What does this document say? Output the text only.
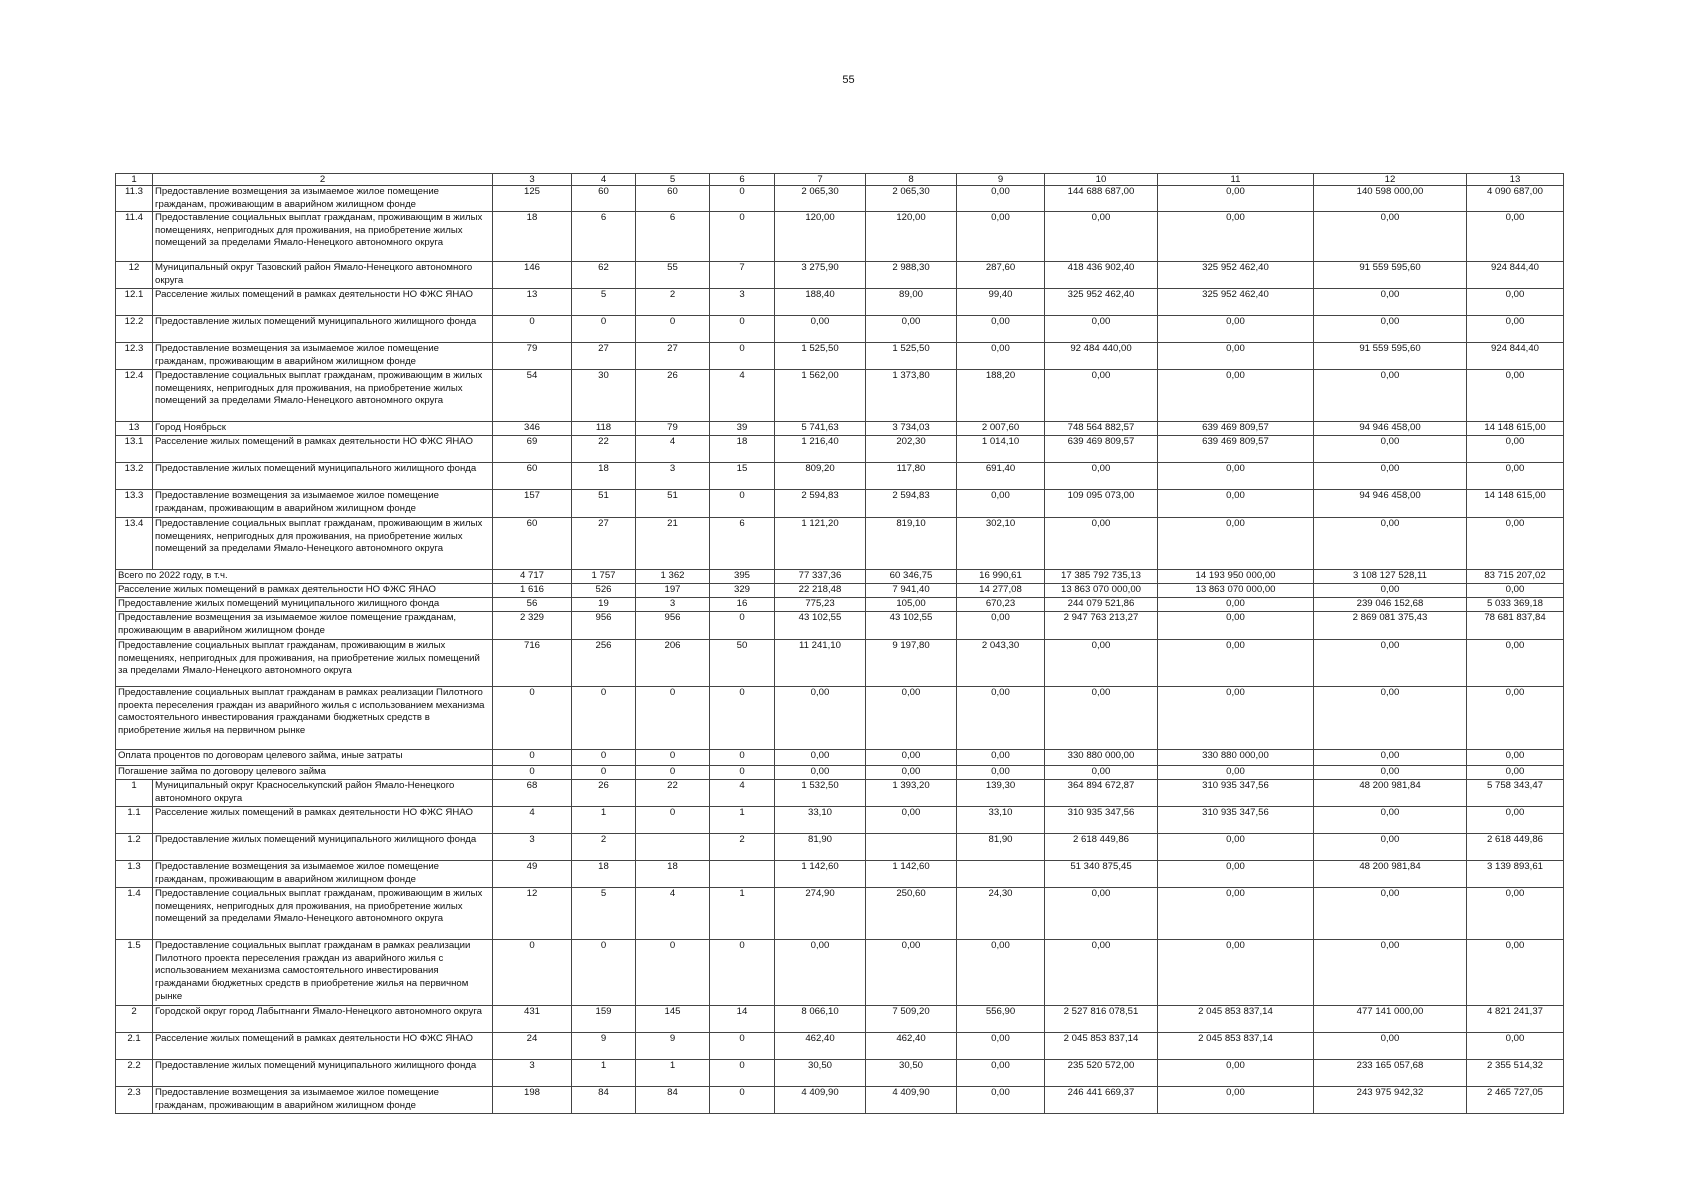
55
1	2	3	4	5	6	7	8	9	10	11	12	13
11.3	Предоставление возмещения за изымаемое жилое помещение гражданам, проживающим в аварийном жилищном фонде	125	60	60	0	2 065,30	2 065,30	0,00	144 688 687,00	0,00	140 598 000,00	4 090 687,00
11.4	Предоставление социальных выплат гражданам, проживающим в жилых помещениях, непригодных для проживания, на приобретение жилых помещений за пределами Ямало-Ненецкого автономного округа	18	6	6	0	120,00	120,00	0,00	0,00	0,00	0,00	0,00
12	Муниципальный округ Тазовский район Ямало-Ненецкого автономного округа	146	62	55	7	3 275,90	2 988,30	287,60	418 436 902,40	325 952 462,40	91 559 595,60	924 844,40
12.1	Расселение жилых помещений в рамках деятельности НО ФЖС ЯНАО	13	5	2	3	188,40	89,00	99,40	325 952 462,40	325 952 462,40	0,00	0,00
12.2	Предоставление жилых помещений муниципального жилищного фонда	0	0	0	0	0,00	0,00	0,00	0,00	0,00	0,00	0,00
12.3	Предоставление возмещения за изымаемое жилое помещение гражданам, проживающим в аварийном жилищном фонде	79	27	27	0	1 525,50	1 525,50	0,00	92 484 440,00	0,00	91 559 595,60	924 844,40
12.4	Предоставление социальных выплат гражданам, проживающим в жилых помещениях, непригодных для проживания, на приобретение жилых помещений за пределами Ямало-Ненецкого автономного округа	54	30	26	4	1 562,00	1 373,80	188,20	0,00	0,00	0,00	0,00
13	Город Ноябрьск	346	118	79	39	5 741,63	3 734,03	2 007,60	748 564 882,57	639 469 809,57	94 946 458,00	14 148 615,00
13.1	Расселение жилых помещений в рамках деятельности НО ФЖС ЯНАО	69	22	4	18	1 216,40	202,30	1 014,10	639 469 809,57	639 469 809,57	0,00	0,00
13.2	Предоставление жилых помещений муниципального жилищного фонда	60	18	3	15	809,20	117,80	691,40	0,00	0,00	0,00	0,00
13.3	Предоставление возмещения за изымаемое жилое помещение гражданам, проживающим в аварийном жилищном фонде	157	51	51	0	2 594,83	2 594,83	0,00	109 095 073,00	0,00	94 946 458,00	14 148 615,00
13.4	Предоставление социальных выплат гражданам, проживающим в жилых помещениях, непригодных для проживания, на приобретение жилых помещений за пределами Ямало-Ненецкого автономного округа	60	27	21	6	1 121,20	819,10	302,10	0,00	0,00	0,00	0,00
Всего по 2022 году, в т.ч.		4 717	1 757	1 362	395	77 337,36	60 346,75	16 990,61	17 385 792 735,13	14 193 950 000,00	3 108 127 528,11	83 715 207,02
Расселение жилых помещений в рамках деятельности НО ФЖС ЯНАО		1 616	526	197	329	22 218,48	7 941,40	14 277,08	13 863 070 000,00	13 863 070 000,00	0,00	0,00
Предоставление жилых помещений муниципального жилищного фонда		56	19	3	16	775,23	105,00	670,23	244 079 521,86	0,00	239 046 152,68	5 033 369,18
Предоставление возмещения за изымаемое жилое помещение гражданам, проживающим в аварийном жилищном фонде		2 329	956	956	0	43 102,55	43 102,55	0,00	2 947 763 213,27	0,00	2 869 081 375,43	78 681 837,84
Предоставление социальных выплат гражданам, проживающим в жилых помещениях, непригодных для проживания, на приобретение жилых помещений за пределами Ямало-Ненецкого автономного округа		716	256	206	50	11 241,10	9 197,80	2 043,30	0,00	0,00	0,00	0,00
Предоставление социальных выплат гражданам в рамках реализации Пилотного проекта переселения граждан из аварийного жилья с использованием механизма самостоятельного инвестирования гражданами бюджетных средств в приобретение жилья на первичном рынке		0	0	0	0	0,00	0,00	0,00	0,00	0,00	0,00	0,00
Оплата процентов по договорам целевого займа, иные затраты		0	0	0	0	0,00	0,00	0,00	330 880 000,00	330 880 000,00	0,00	0,00
Погашение займа по договору целевого займа		0	0	0	0	0,00	0,00	0,00	0,00	0,00	0,00	0,00
1	Муниципальный округ Красноселькупский район Ямало-Ненецкого автономного округа	68	26	22	4	1 532,50	1 393,20	139,30	364 894 672,87	310 935 347,56	48 200 981,84	5 758 343,47
1.1	Расселение жилых помещений в рамках деятельности НО ФЖС ЯНАО	4	1	0	1	33,10	0,00	33,10	310 935 347,56	310 935 347,56	0,00	0,00
1.2	Предоставление жилых помещений муниципального жилищного фонда	3	2		2	81,90		81,90	2 618 449,86	0,00	0,00	2 618 449,86
1.3	Предоставление возмещения за изымаемое жилое помещение гражданам, проживающим в аварийном жилищном фонде	49	18	18		1 142,60	1 142,60		51 340 875,45	0,00	48 200 981,84	3 139 893,61
1.4	Предоставление социальных выплат гражданам, проживающим в жилых помещениях, непригодных для проживания, на приобретение жилых помещений за пределами Ямало-Ненецкого автономного округа	12	5	4	1	274,90	250,60	24,30	0,00	0,00	0,00	0,00
1.5	Предоставление социальных выплат гражданам в рамках реализации Пилотного проекта переселения граждан из аварийного жилья с использованием механизма самостоятельного инвестирования гражданами бюджетных средств в приобретение жилья на первичном рынке	0	0	0	0	0,00	0,00	0,00	0,00	0,00	0,00	0,00
2	Городской округ город Лабытнанги Ямало-Ненецкого автономного округа	431	159	145	14	8 066,10	7 509,20	556,90	2 527 816 078,51	2 045 853 837,14	477 141 000,00	4 821 241,37
2.1	Расселение жилых помещений в рамках деятельности НО ФЖС ЯНАО	24	9	9	0	462,40	462,40	0,00	2 045 853 837,14	2 045 853 837,14	0,00	0,00
2.2	Предоставление жилых помещений муниципального жилищного фонда	3	1	1	0	30,50	30,50	0,00	235 520 572,00	0,00	233 165 057,68	2 355 514,32
2.3	Предоставление возмещения за изымаемое жилое помещение гражданам, проживающим в аварийном жилищном фонде	198	84	84	0	4 409,90	4 409,90	0,00	246 441 669,37	0,00	243 975 942,32	2 465 727,05
